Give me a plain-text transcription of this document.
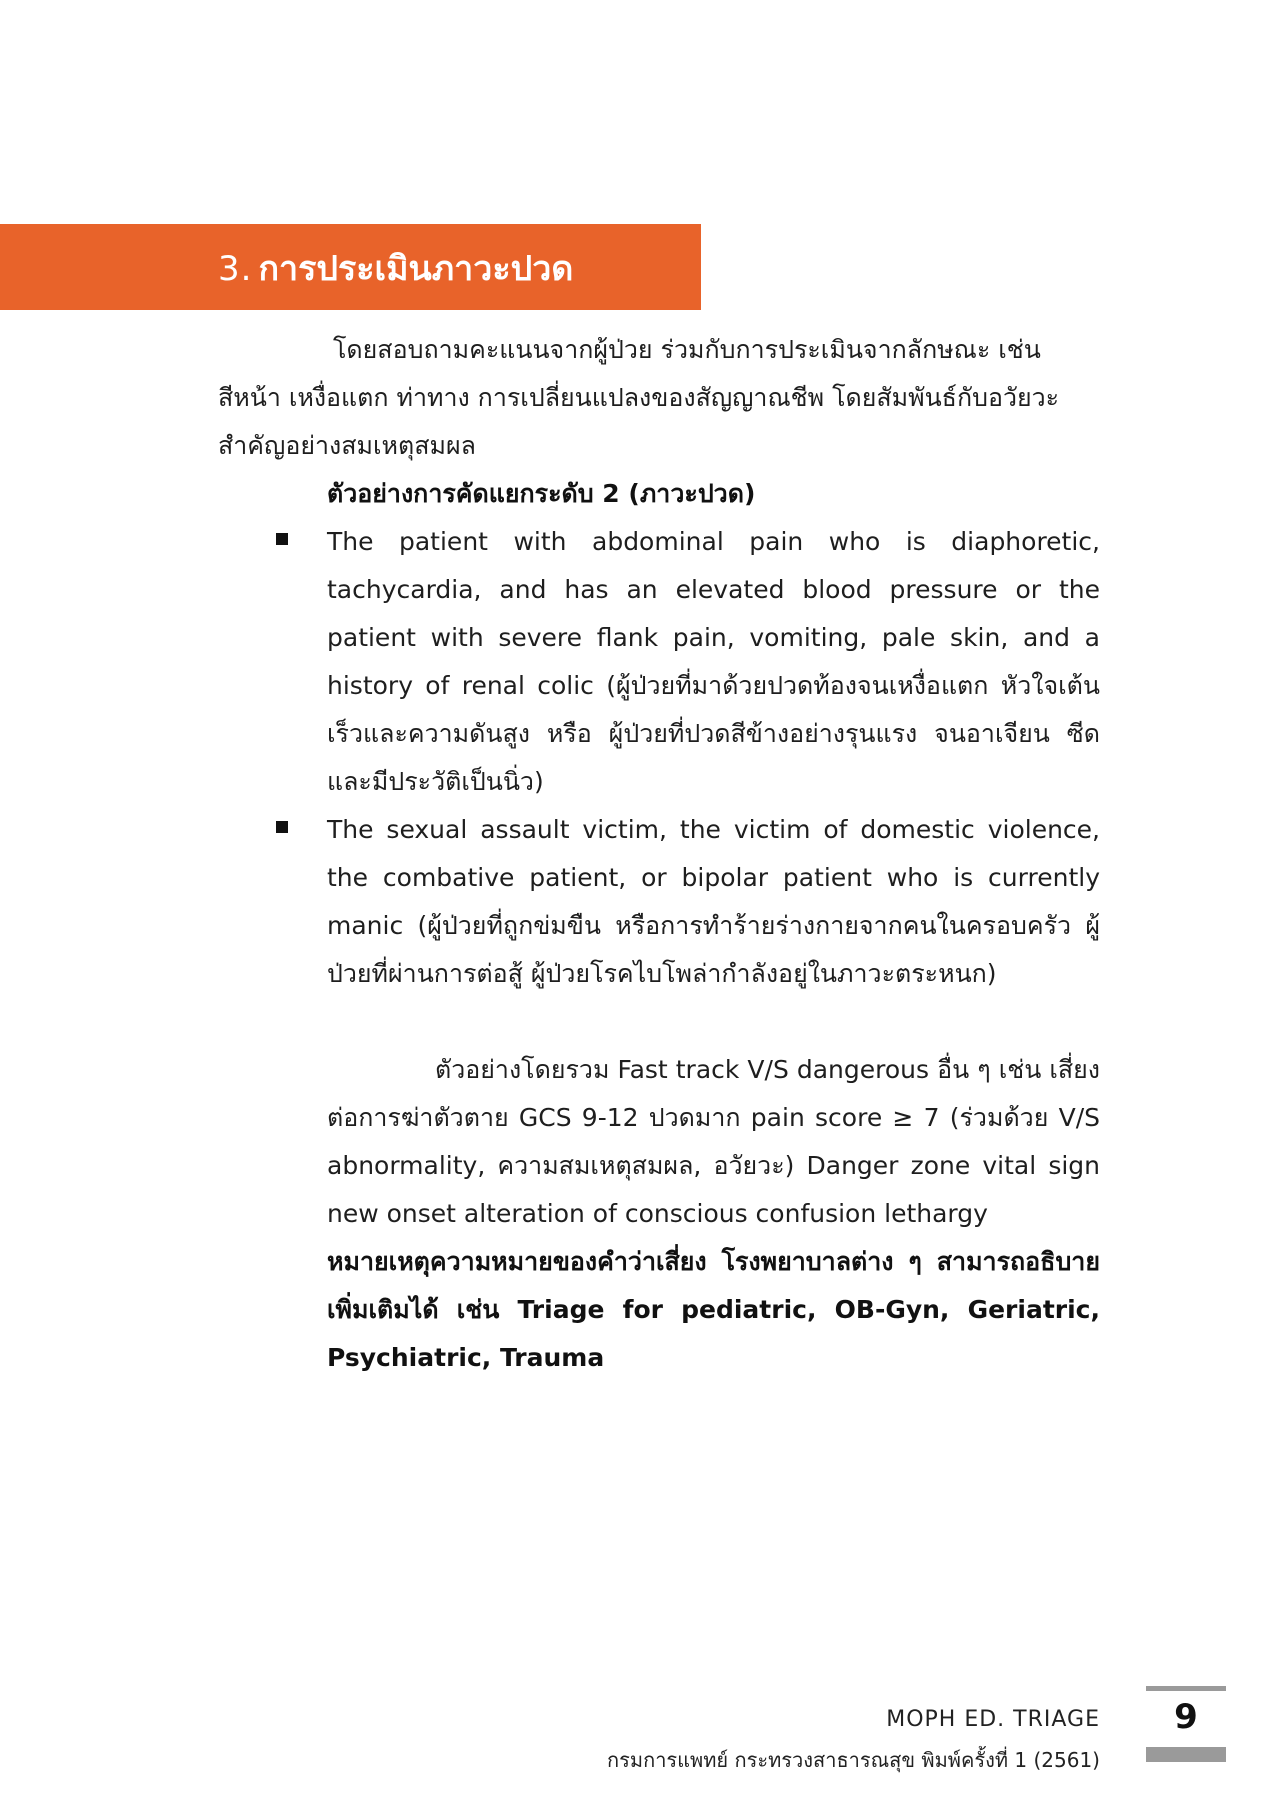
3. การประเมินภาวะปวด
โดยสอบถามคะแนนจากผู้ป่วย ร่วมกับการประเมินจากลักษณะ เช่น
สีหน้า เหงื่อแตก ท่าทาง การเปลี่ยนแปลงของสัญญาณชีพ โดยสัมพันธ์กับอวัยวะ
สำคัญอย่างสมเหตุสมผล
ตัวอย่างการคัดแยกระดับ 2 (ภาวะปวด)
The patient with abdominal pain who is diaphoretic, tachycardia, and has an elevated blood pressure or the patient with severe flank pain, vomiting, pale skin, and a history of renal colic (ผู้ป่วยที่มาด้วยปวดท้องจนเหงื่อแตก หัวใจเต้นเร็วและความดันสูง หรือ ผู้ป่วยที่ปวดสีข้างอย่างรุนแรง จนอาเจียน ซีด และมีประวัติเป็นนิ่ว)
The sexual assault victim, the victim of domestic violence, the combative patient, or bipolar patient who is currently manic (ผู้ป่วยที่ถูกข่มขืน หรือการทำร้ายร่างกายจากคนในครอบครัว ผู้ป่วยที่ผ่านการต่อสู้ ผู้ป่วยโรคไบโพล่ากำลังอยู่ในภาวะตระหนก)
ตัวอย่างโดยรวม Fast track V/S dangerous อื่น ๆ เช่น เสี่ยงต่อการฆ่าตัวตาย GCS 9-12 ปวดมาก pain score ≥ 7 (ร่วมด้วย V/S abnormality, ความสมเหตุสมผล, อวัยวะ) Danger zone vital sign new onset alteration of conscious confusion lethargy
หมายเหตุความหมายของคำว่าเสี่ยง โรงพยาบาลต่าง ๆ สามารถอธิบายเพิ่มเติมได้ เช่น Triage for pediatric, OB-Gyn, Geriatric, Psychiatric, Trauma
MOPH ED. TRIAGE
กรมการแพทย์ กระทรวงสาธารณสุข พิมพ์ครั้งที่ 1 (2561)
9
